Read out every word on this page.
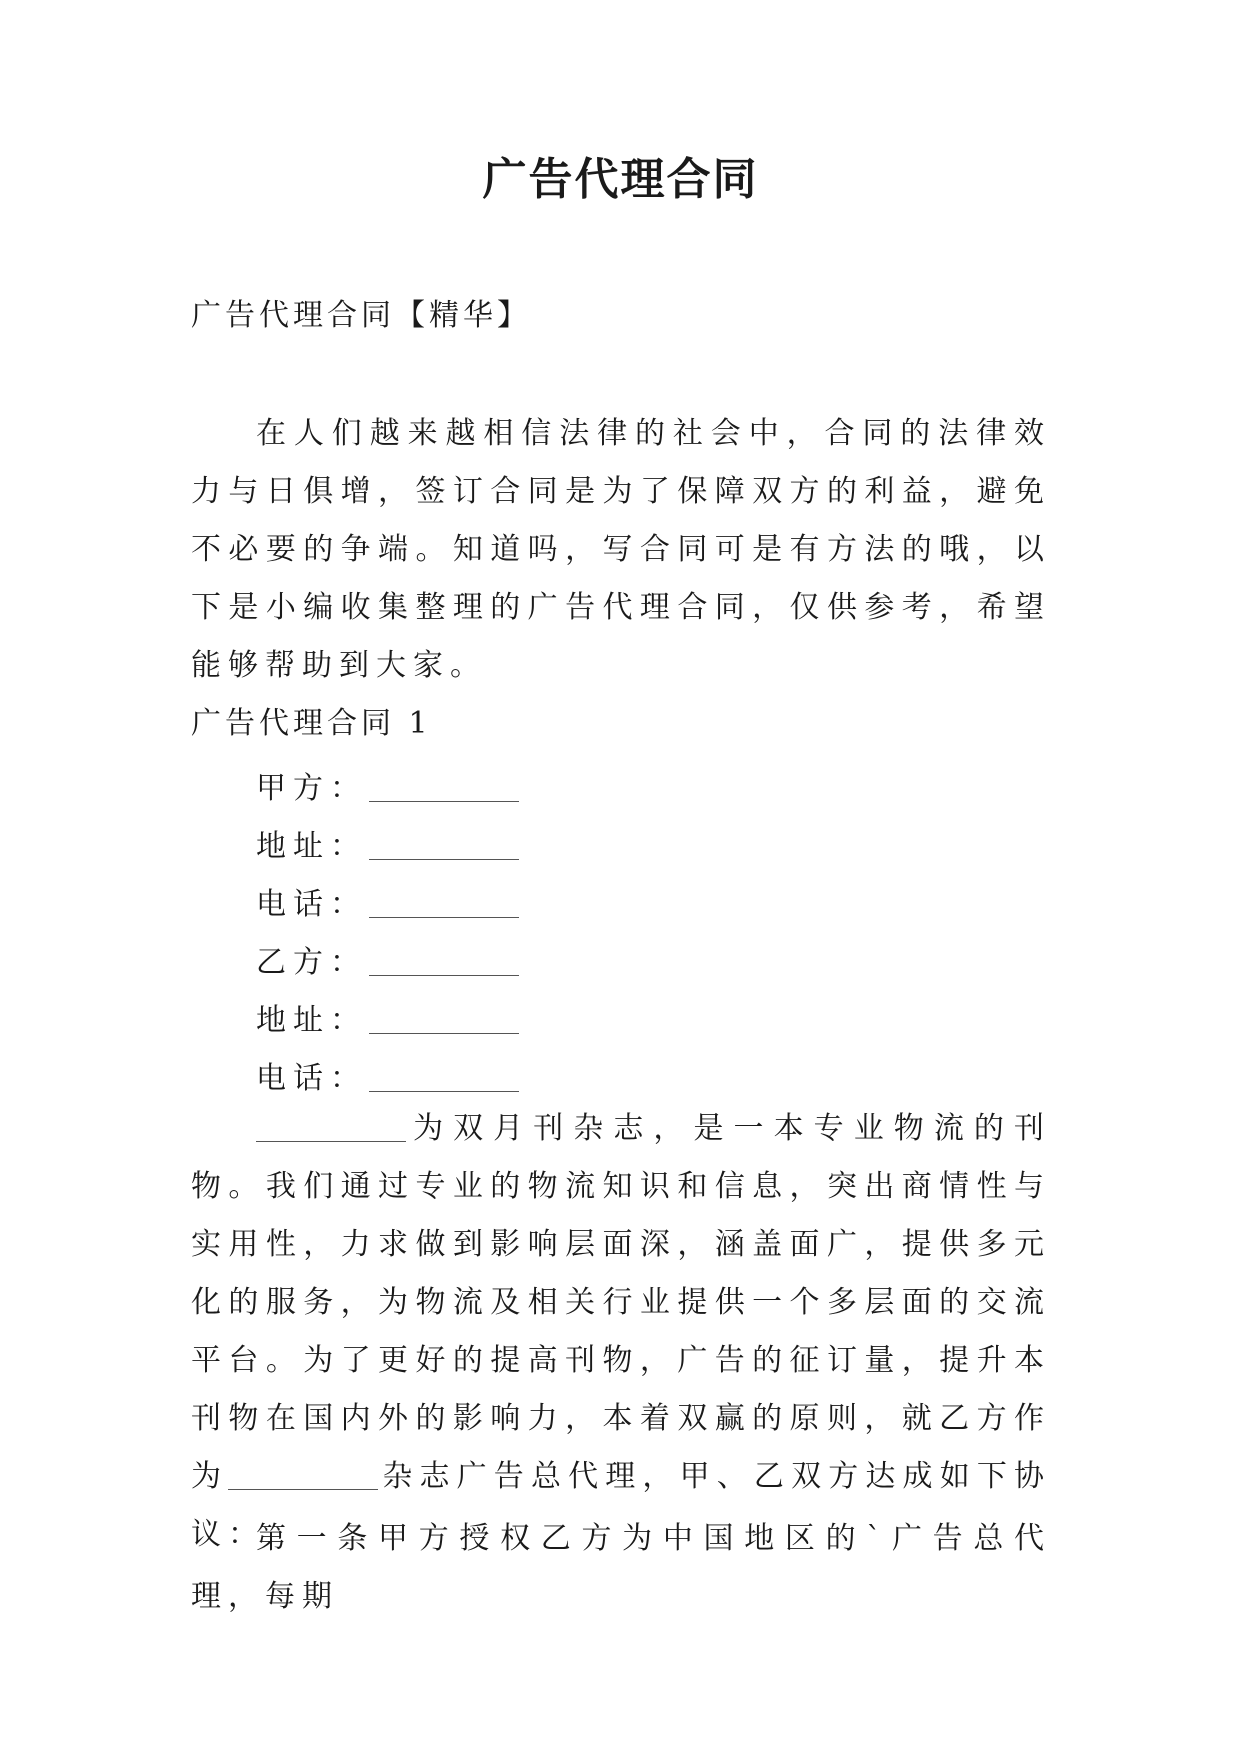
广告代理合同

广告代理合同【精华】

在人们越来越相信法律的社会中，合同的法律效力与日俱增，签订合同是为了保障双方的利益，避免不必要的争端。知道吗，写合同可是有方法的哦，以下是小编收集整理的广告代理合同，仅供参考，希望能够帮助到大家。

广告代理合同 1

甲方：
地址：
电话：
乙方：
地址：
电话：

为双月刊杂志，是一本专业物流的刊物。我们通过专业的物流知识和信息，突出商情性与实用性，力求做到影响层面深，涵盖面广，提供多元化的服务，为物流及相关行业提供一个多层面的交流平台。为了更好的提高刊物，广告的征订量，提升本刊物在国内外的影响力，本着双赢的原则，就乙方作为	杂志广告总代理，甲、乙双方达成如下协议：

第一条甲方授权乙方为中国地区的`广告总代理，每期
